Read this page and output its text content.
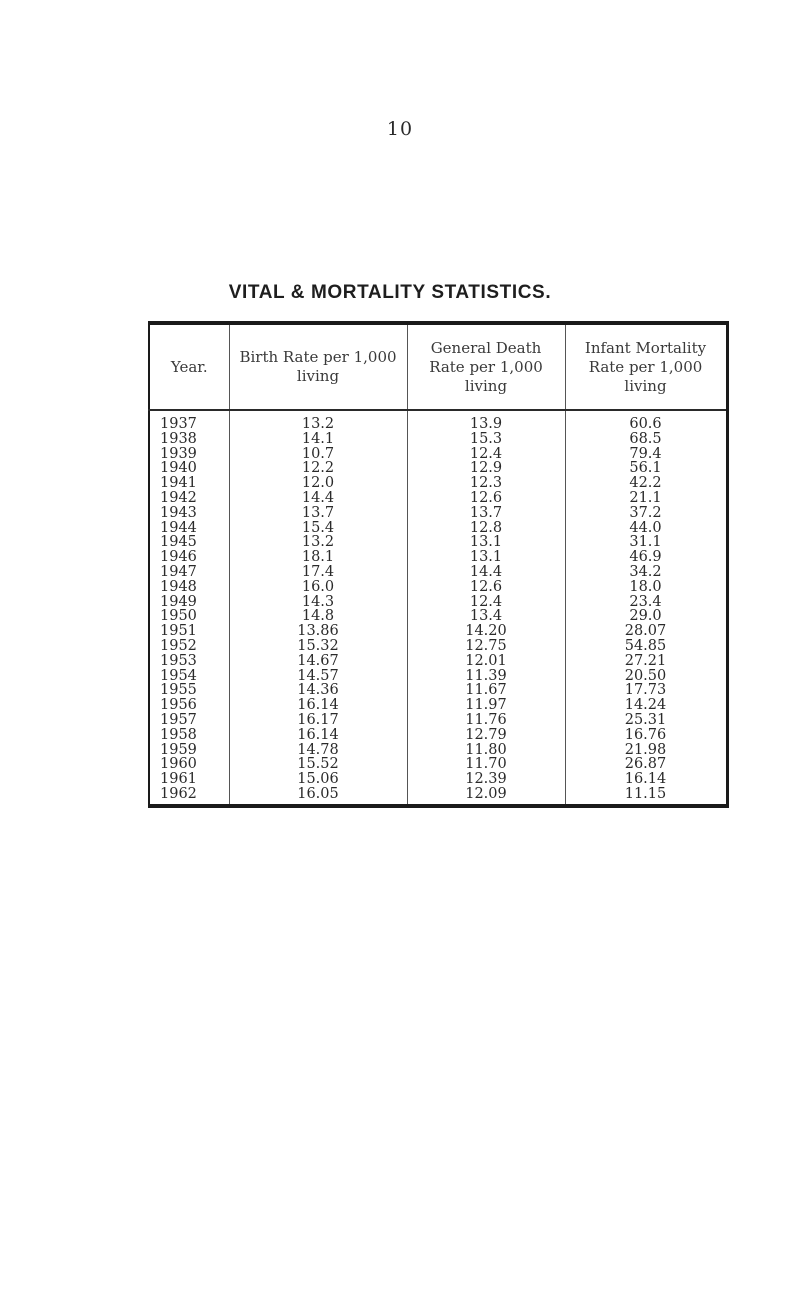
10
VITAL & MORTALITY STATISTICS.
Year.	Birth Rate per 1,000 living	General Death Rate per 1,000 living	Infant Mortality Rate per 1,000 living
1937	13.2	13.9	60.6
1938	14.1	15.3	68.5
1939	10.7	12.4	79.4
1940	12.2	12.9	56.1
1941	12.0	12.3	42.2
1942	14.4	12.6	21.1
1943	13.7	13.7	37.2
1944	15.4	12.8	44.0
1945	13.2	13.1	31.1
1946	18.1	13.1	46.9
1947	17.4	14.4	34.2
1948	16.0	12.6	18.0
1949	14.3	12.4	23.4
1950	14.8	13.4	29.0
1951	13.86	14.20	28.07
1952	15.32	12.75	54.85
1953	14.67	12.01	27.21
1954	14.57	11.39	20.50
1955	14.36	11.67	17.73
1956	16.14	11.97	14.24
1957	16.17	11.76	25.31
1958	16.14	12.79	16.76
1959	14.78	11.80	21.98
1960	15.52	11.70	26.87
1961	15.06	12.39	16.14
1962	16.05	12.09	11.15
